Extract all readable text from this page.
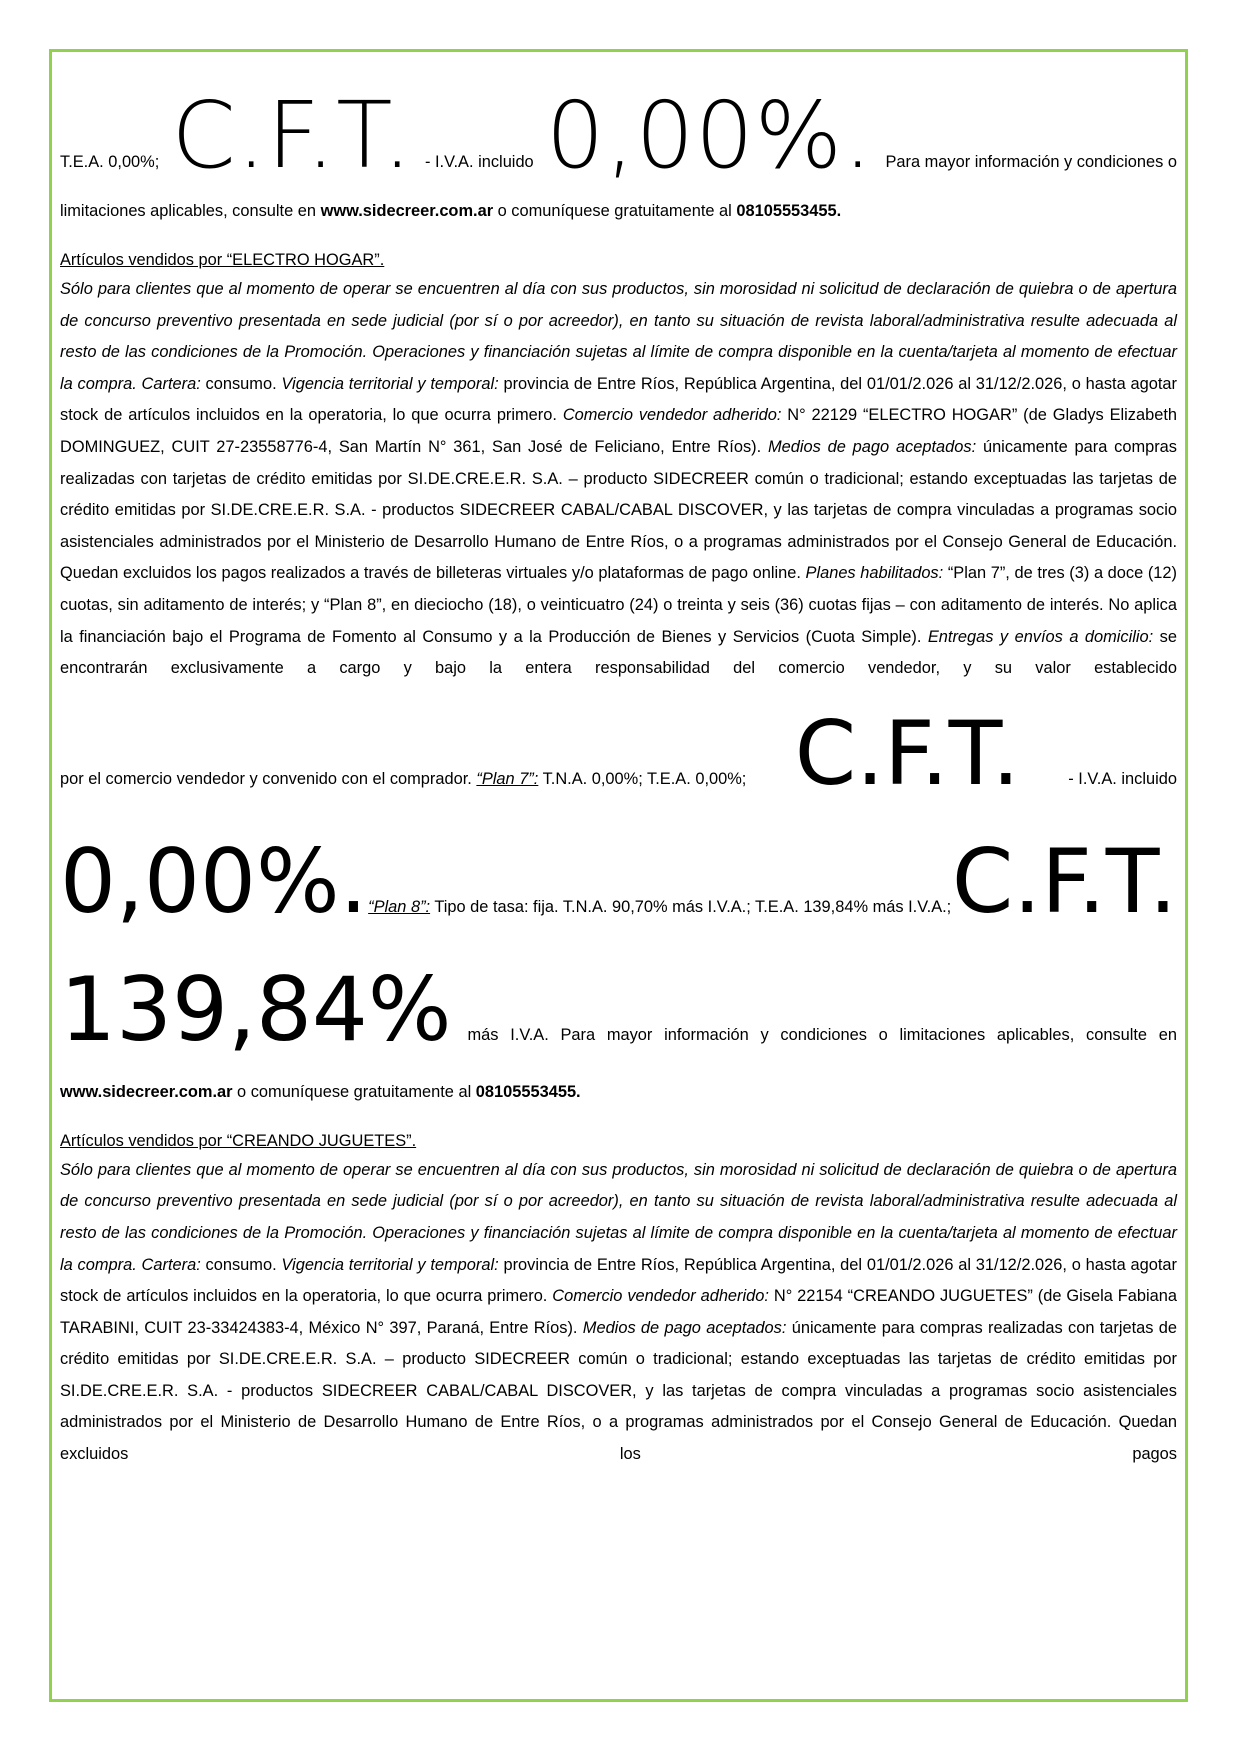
T.E.A. 0,00%; C.F.T. - I.V.A. incluido 0,00%. Para mayor información y condiciones o

limitaciones aplicables, consulte en www.sidecreer.com.ar o comuníquese gratuitamente al 08105553455.

Artículos vendidos por “ELECTRO HOGAR”.

Sólo para clientes que al momento de operar se encuentren al día con sus productos, sin morosidad ni solicitud de declaración de quiebra o de apertura de concurso preventivo presentada en sede judicial (por sí o por acreedor), en tanto su situación de revista laboral/administrativa resulte adecuada al resto de las condiciones de la Promoción. Operaciones y financiación sujetas al límite de compra disponible en la cuenta/tarjeta al momento de efectuar la compra. Cartera: consumo. Vigencia territorial y temporal: provincia de Entre Ríos, República Argentina, del 01/01/2.026 al 31/12/2.026, o hasta agotar stock de artículos incluidos en la operatoria, lo que ocurra primero. Comercio vendedor adherido: N° 22129 “ELECTRO HOGAR” (de Gladys Elizabeth DOMINGUEZ, CUIT 27-23558776-4, San Martín N° 361, San José de Feliciano, Entre Ríos). Medios de pago aceptados: únicamente para compras realizadas con tarjetas de crédito emitidas por SI.DE.CRE.E.R. S.A. – producto SIDECREER común o tradicional; estando exceptuadas las tarjetas de crédito emitidas por SI.DE.CRE.E.R. S.A. - productos SIDECREER CABAL/CABAL DISCOVER, y las tarjetas de compra vinculadas a programas socio asistenciales administrados por el Ministerio de Desarrollo Humano de Entre Ríos, o a programas administrados por el Consejo General de Educación. Quedan excluidos los pagos realizados a través de billeteras virtuales y/o plataformas de pago online. Planes habilitados: “Plan 7”, de tres (3) a doce (12) cuotas, sin aditamento de interés; y “Plan 8”, en dieciocho (18), o veinticuatro (24) o treinta y seis (36) cuotas fijas – con aditamento de interés. No aplica la financiación bajo el Programa de Fomento al Consumo y a la Producción de Bienes y Servicios (Cuota Simple). Entregas y envíos a domicilio: se encontrarán exclusivamente a cargo y bajo la entera responsabilidad del comercio vendedor, y su valor establecido

por el comercio vendedor y convenido con el comprador. “Plan 7”: T.N.A. 0,00%; T.E.A. 0,00%; C.F.T.	- I.V.A. incluido
0,00%. “Plan 8”: Tipo de tasa: fija. T.N.A. 90,70% más I.V.A.; T.E.A. 139,84% más I.V.A.; C.F.T.
139,84% más I.V.A. Para mayor información y condiciones o limitaciones aplicables, consulte en

www.sidecreer.com.ar o comuníquese gratuitamente al 08105553455.

Artículos vendidos por “CREANDO JUGUETES”.

Sólo para clientes que al momento de operar se encuentren al día con sus productos, sin morosidad ni solicitud de declaración de quiebra o de apertura de concurso preventivo presentada en sede judicial (por sí o por acreedor), en tanto su situación de revista laboral/administrativa resulte adecuada al resto de las condiciones de la Promoción. Operaciones y financiación sujetas al límite de compra disponible en la cuenta/tarjeta al momento de efectuar la compra. Cartera: consumo. Vigencia territorial y temporal: provincia de Entre Ríos, República Argentina, del 01/01/2.026 al 31/12/2.026, o hasta agotar stock de artículos incluidos en la operatoria, lo que ocurra primero. Comercio vendedor adherido: N° 22154 “CREANDO JUGUETES” (de Gisela Fabiana TARABINI, CUIT 23-33424383-4, México N° 397, Paraná, Entre Ríos). Medios de pago aceptados: únicamente para compras realizadas con tarjetas de crédito emitidas por SI.DE.CRE.E.R. S.A. – producto SIDECREER común o tradicional; estando exceptuadas las tarjetas de crédito emitidas por SI.DE.CRE.E.R. S.A. - productos SIDECREER CABAL/CABAL DISCOVER, y las tarjetas de compra vinculadas a programas socio asistenciales administrados por el Ministerio de Desarrollo Humano de Entre Ríos, o a programas administrados por el Consejo General de Educación. Quedan excluidos los pagos
